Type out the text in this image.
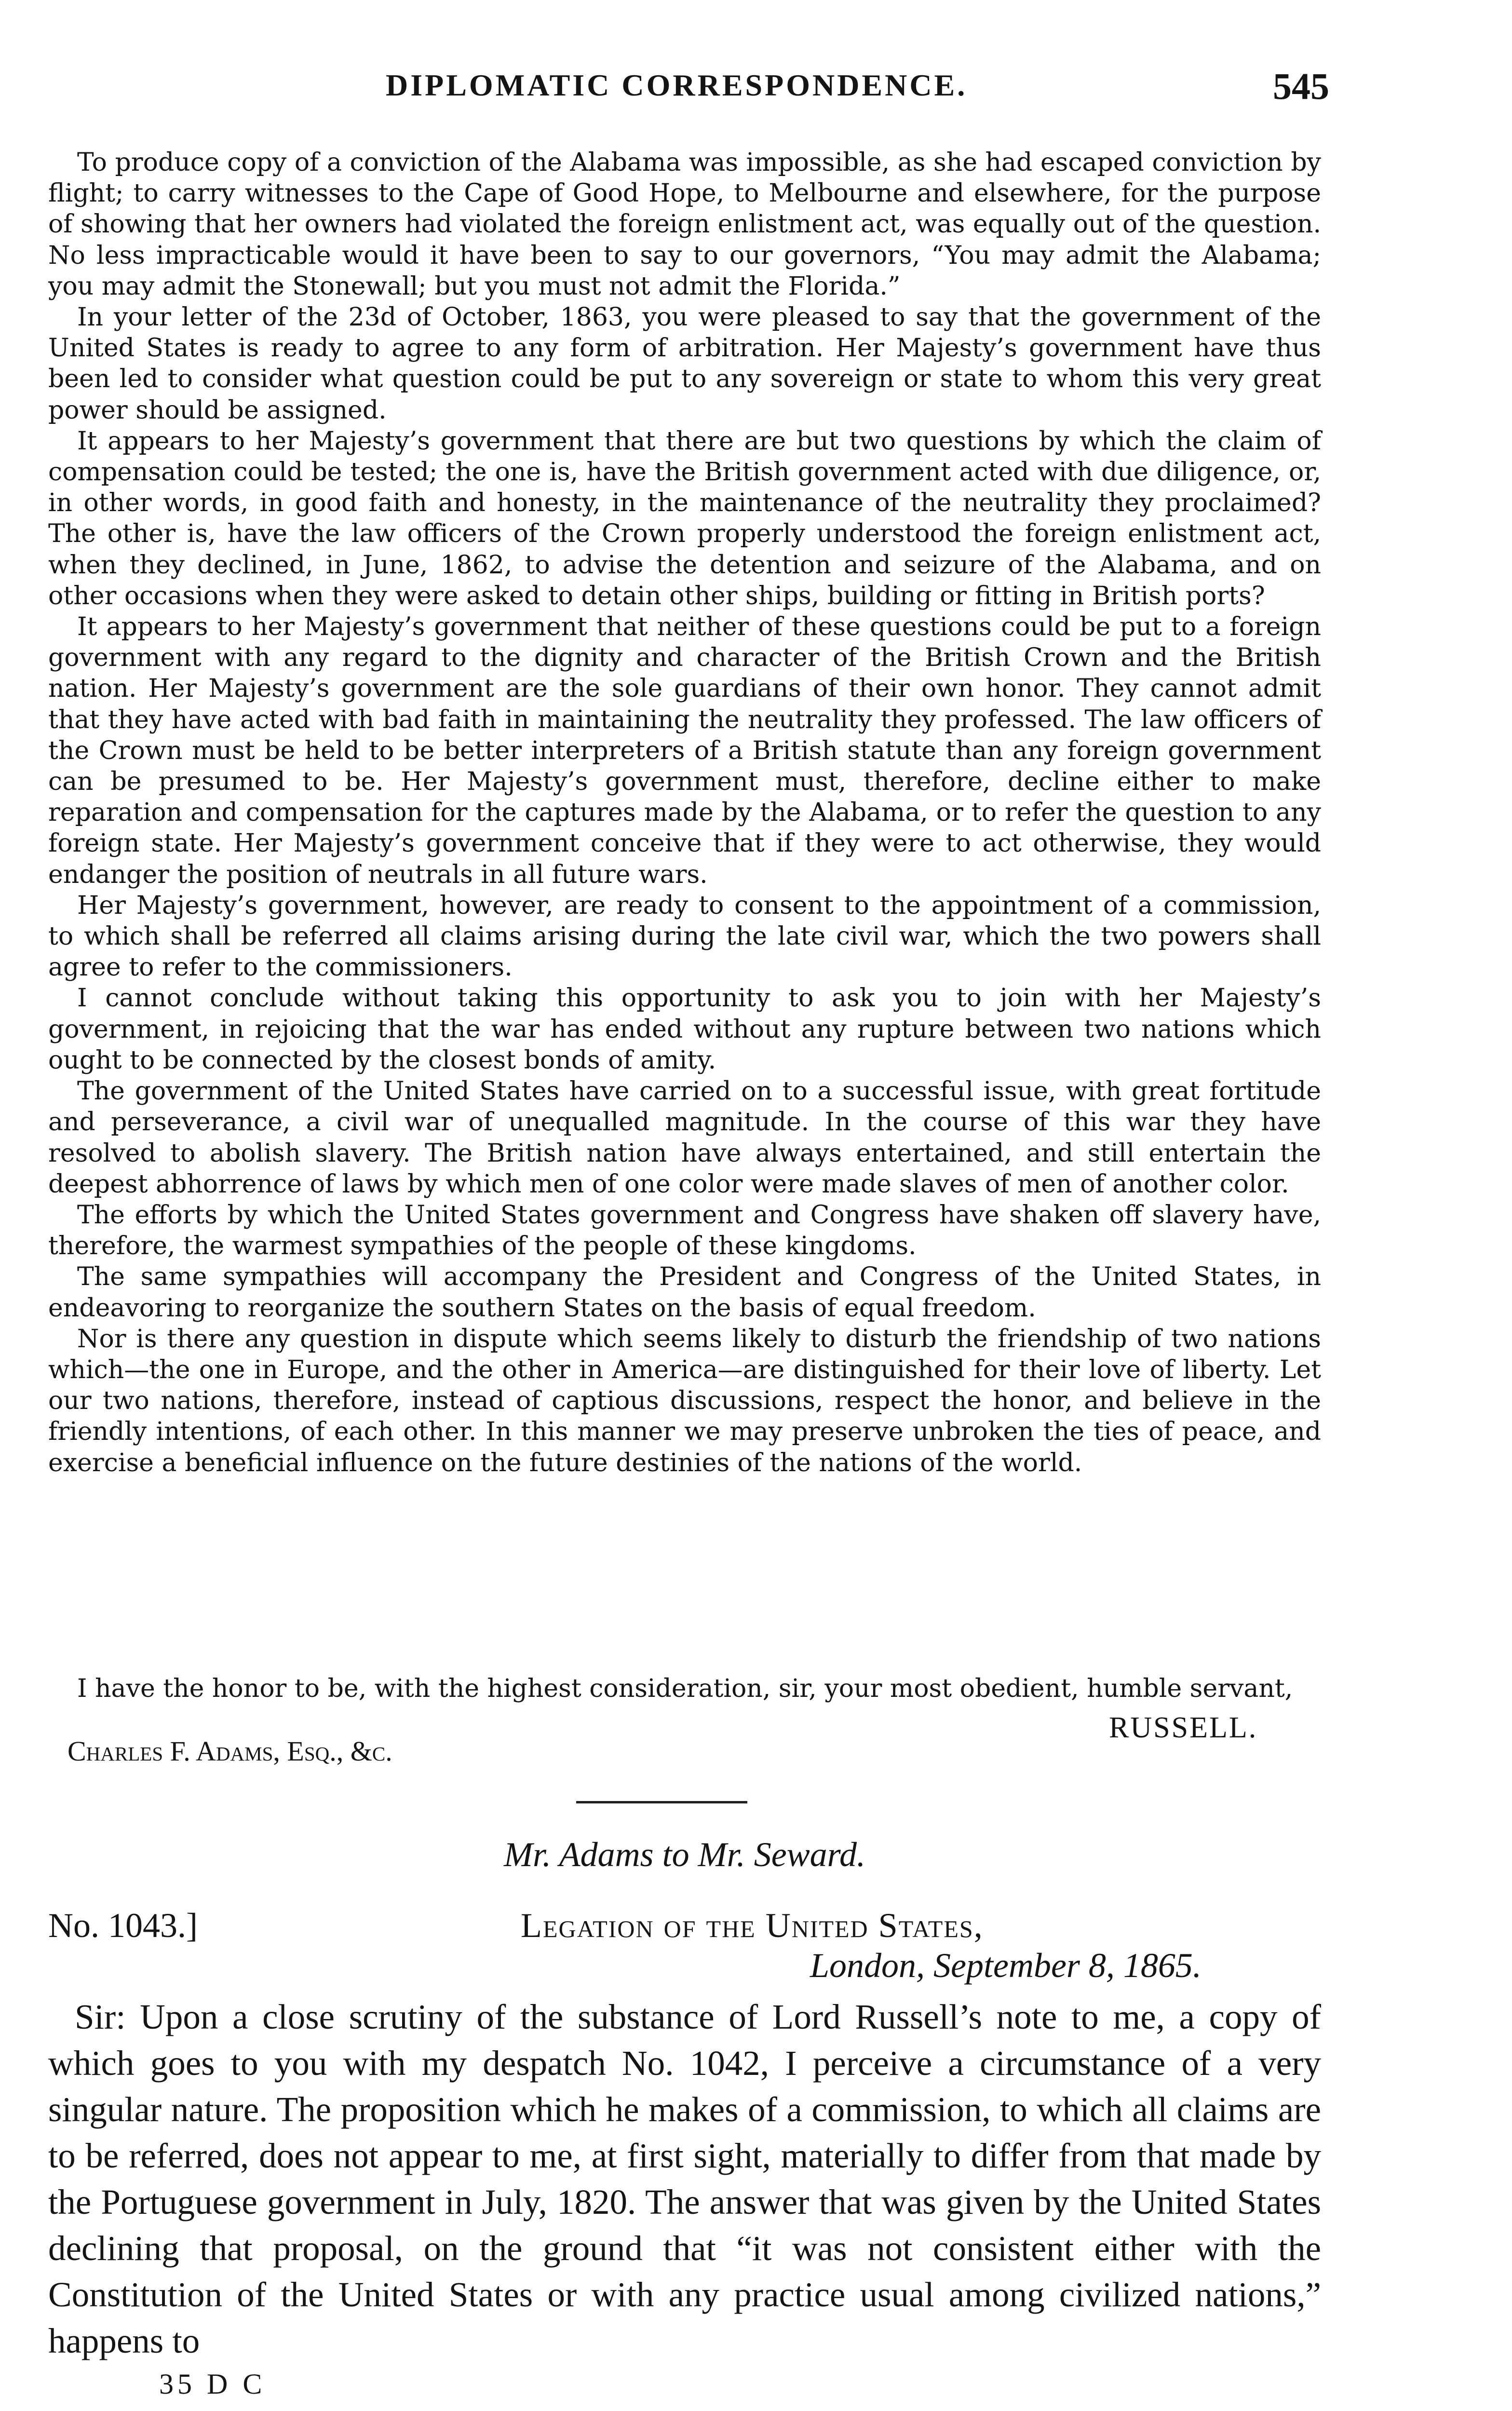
DIPLOMATIC CORRESPONDENCE.	545

To produce copy of a conviction of the Alabama was impossible, as she had escaped conviction by flight; to carry witnesses to the Cape of Good Hope, to Melbourne and elsewhere, for the purpose of showing that her owners had violated the foreign enlistment act, was equally out of the question. No less impracticable would it have been to say to our governors, “You may admit the Alabama; you may admit the Stonewall; but you must not admit the Florida.”

In your letter of the 23d of October, 1863, you were pleased to say that the government of the United States is ready to agree to any form of arbitration. Her Majesty’s government have thus been led to consider what question could be put to any sovereign or state to whom this very great power should be assigned.

It appears to her Majesty’s government that there are but two questions by which the claim of compensation could be tested; the one is, have the British government acted with due diligence, or, in other words, in good faith and honesty, in the maintenance of the neutrality they proclaimed? The other is, have the law officers of the Crown properly understood the foreign enlistment act, when they declined, in June, 1862, to advise the detention and seizure of the Alabama, and on other occasions when they were asked to detain other ships, building or fitting in British ports?

It appears to her Majesty’s government that neither of these questions could be put to a foreign government with any regard to the dignity and character of the British Crown and the British nation. Her Majesty’s government are the sole guardians of their own honor. They cannot admit that they have acted with bad faith in maintaining the neutrality they professed. The law officers of the Crown must be held to be better interpreters of a British statute than any foreign government can be presumed to be. Her Majesty’s government must, therefore, decline either to make reparation and compensation for the captures made by the Alabama, or to refer the question to any foreign state. Her Majesty’s government conceive that if they were to act otherwise, they would endanger the position of neutrals in all future wars.

Her Majesty’s government, however, are ready to consent to the appointment of a commission, to which shall be referred all claims arising during the late civil war, which the two powers shall agree to refer to the commissioners.

I cannot conclude without taking this opportunity to ask you to join with her Majesty’s government, in rejoicing that the war has ended without any rupture between two nations which ought to be connected by the closest bonds of amity.

The government of the United States have carried on to a successful issue, with great fortitude and perseverance, a civil war of unequalled magnitude. In the course of this war they have resolved to abolish slavery. The British nation have always entertained, and still entertain the deepest abhorrence of laws by which men of one color were made slaves of men of another color.

The efforts by which the United States government and Congress have shaken off slavery have, therefore, the warmest sympathies of the people of these kingdoms.

The same sympathies will accompany the President and Congress of the United States, in endeavoring to reorganize the southern States on the basis of equal freedom.

Nor is there any question in dispute which seems likely to disturb the friendship of two nations which—the one in Europe, and the other in America—are distinguished for their love of liberty. Let our two nations, therefore, instead of captious discussions, respect the honor, and believe in the friendly intentions, of each other. In this manner we may preserve unbroken the ties of peace, and exercise a beneficial influence on the future destinies of the nations of the world.

I have the honor to be, with the highest consideration, sir, your most obedient, humble servant,

RUSSELL.
Charles F. Adams, Esq., &c.
Mr. Adams to Mr. Seward.
No. 1043.]	Legation of the United States,
London, September 8, 1865.

Sir: Upon a close scrutiny of the substance of Lord Russell’s note to me, a copy of which goes to you with my despatch No. 1042, I perceive a circumstance of a very singular nature. The proposition which he makes of a commission, to which all claims are to be referred, does not appear to me, at first sight, materially to differ from that made by the Portuguese government in July, 1820. The answer that was given by the United States declining that proposal, on the ground that “it was not consistent either with the Constitution of the United States or with any practice usual among civilized nations,” happens to

35 D C
